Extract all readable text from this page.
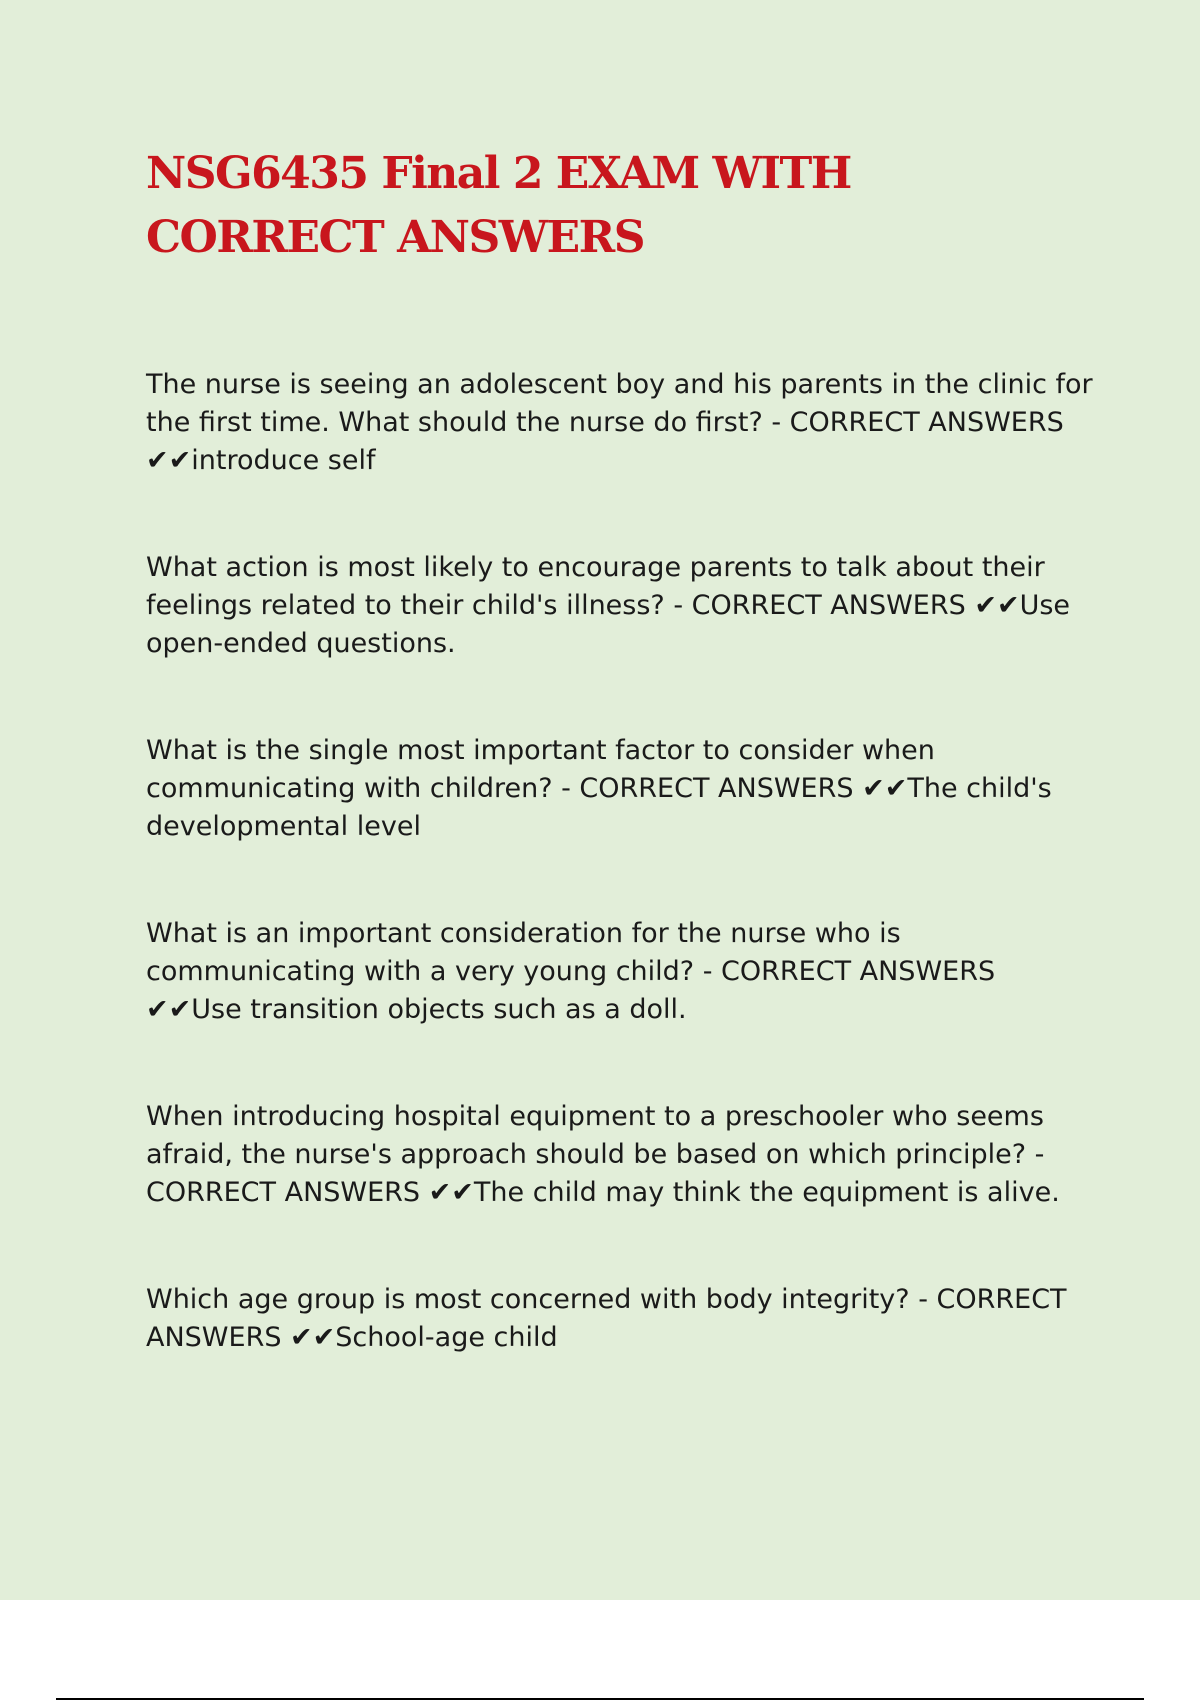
NSG6435 Final 2 EXAM WITH CORRECT ANSWERS

The nurse is seeing an adolescent boy and his parents in the clinic for the first time. What should the nurse do first? - CORRECT ANSWERS ✔✔introduce self

What action is most likely to encourage parents to talk about their feelings related to their child's illness? - CORRECT ANSWERS ✔✔Use open-ended questions.

What is the single most important factor to consider when communicating with children? - CORRECT ANSWERS ✔✔The child's developmental level

What is an important consideration for the nurse who is communicating with a very young child? - CORRECT ANSWERS ✔✔Use transition objects such as a doll.

When introducing hospital equipment to a preschooler who seems afraid, the nurse's approach should be based on which principle? - CORRECT ANSWERS ✔✔The child may think the equipment is alive.

Which age group is most concerned with body integrity? - CORRECT ANSWERS ✔✔School-age child
